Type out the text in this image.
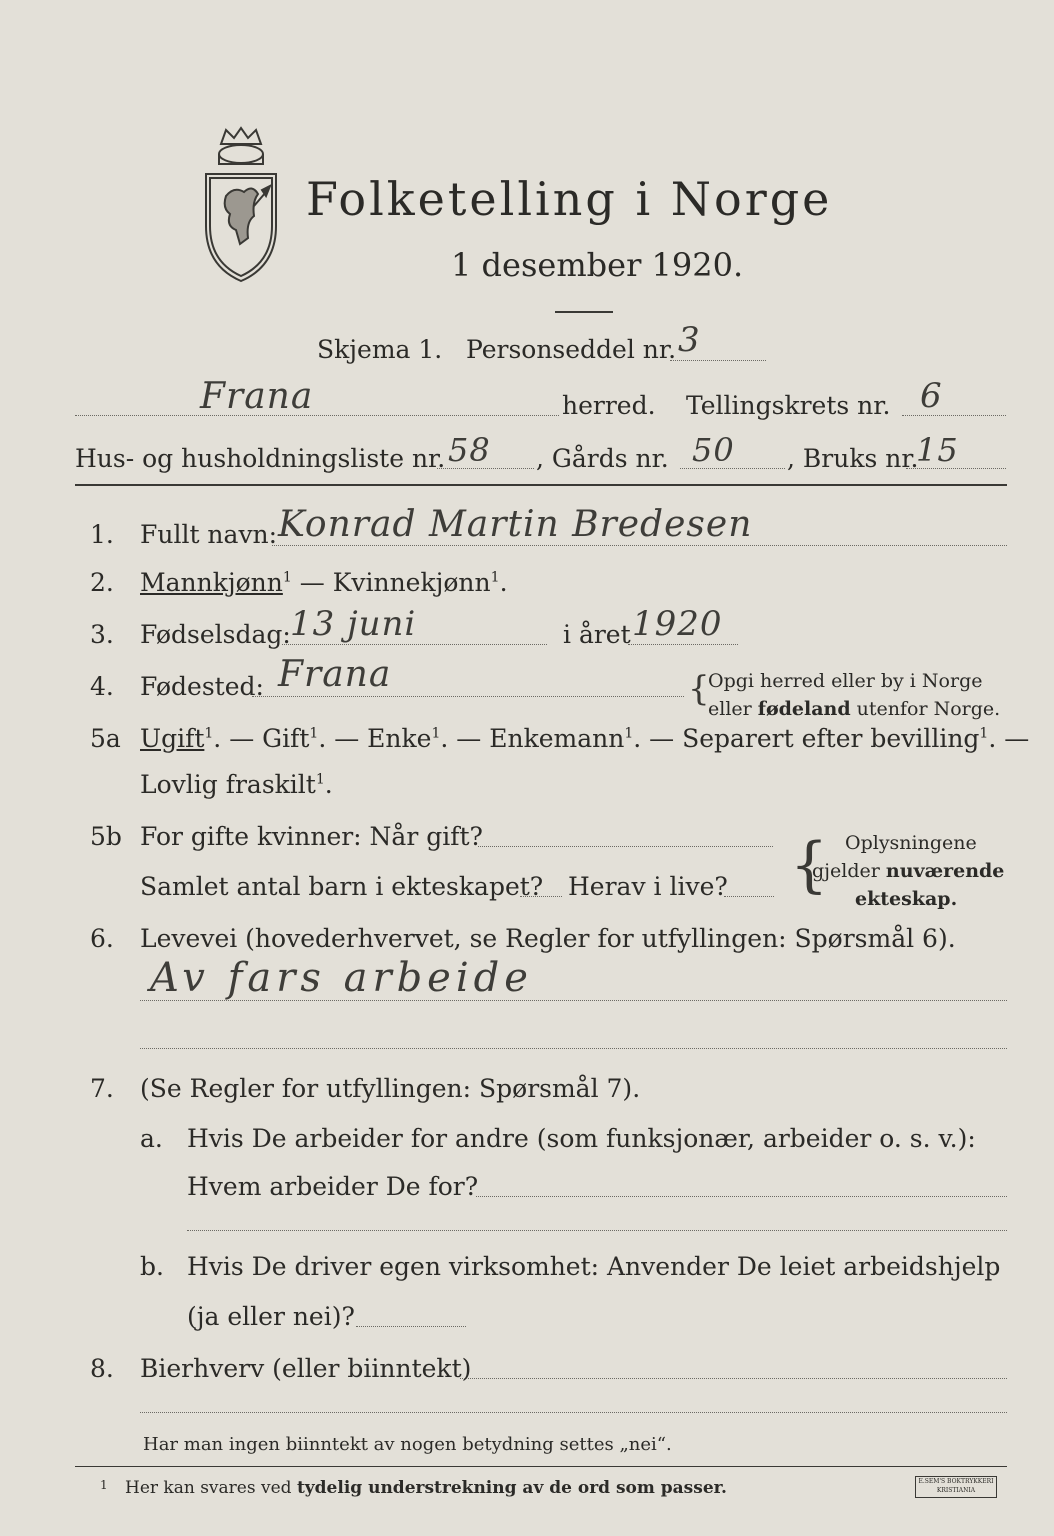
Folketelling i Norge
1 desember 1920.
Skjema 1. Personseddel nr. 3
Frana	herred. Tellingskrets nr. 6
Hus- og husholdningsliste nr. 58 , Gårds nr. 50 , Bruks nr.
15
1. Fullt navn: Konrad Martin Bredesen
2. Mannkjønn$^1$ — Kvinnekjønn$^1$.
3. Fødselsdag: 13 juni	i året 1920
4. Fødested: Frana	{
Opgi herred eller by i Norge
eller fødeland utenfor Norge.
5a Ugift$^1$. — Gift$^1$. — Enke$^1$. — Enkemann$^1$. — Separert efter bevilling$^1$. —
Lovlig fraskilt$^1$.
5b For gifte kvinner: Når gift?
Samlet antal barn i ekteskapet? Herav i live? { Oplysningene
gjelder nuværende
ekteskap.
6. Levevei (hovederhvervet, se Regler for utfyllingen: Spørsmål 6).
Av fars arbeide
7. (Se Regler for utfyllingen: Spørsmål 7).
a. Hvis De arbeider for andre (som funksjonær, arbeider o. s. v.):
Hvem arbeider De for?
b. Hvis De driver egen virksomhet: Anvender De leiet arbeidshjelp
(ja eller nei)?
8. Bierhverv (eller biinntekt)
Har man ingen biinntekt av nogen betydning settes „nei“.
1 Her kan svares ved tydelig understrekning av de ord som passer.	E.SEM'S BOKTRYKKERI KRISTIANIA
